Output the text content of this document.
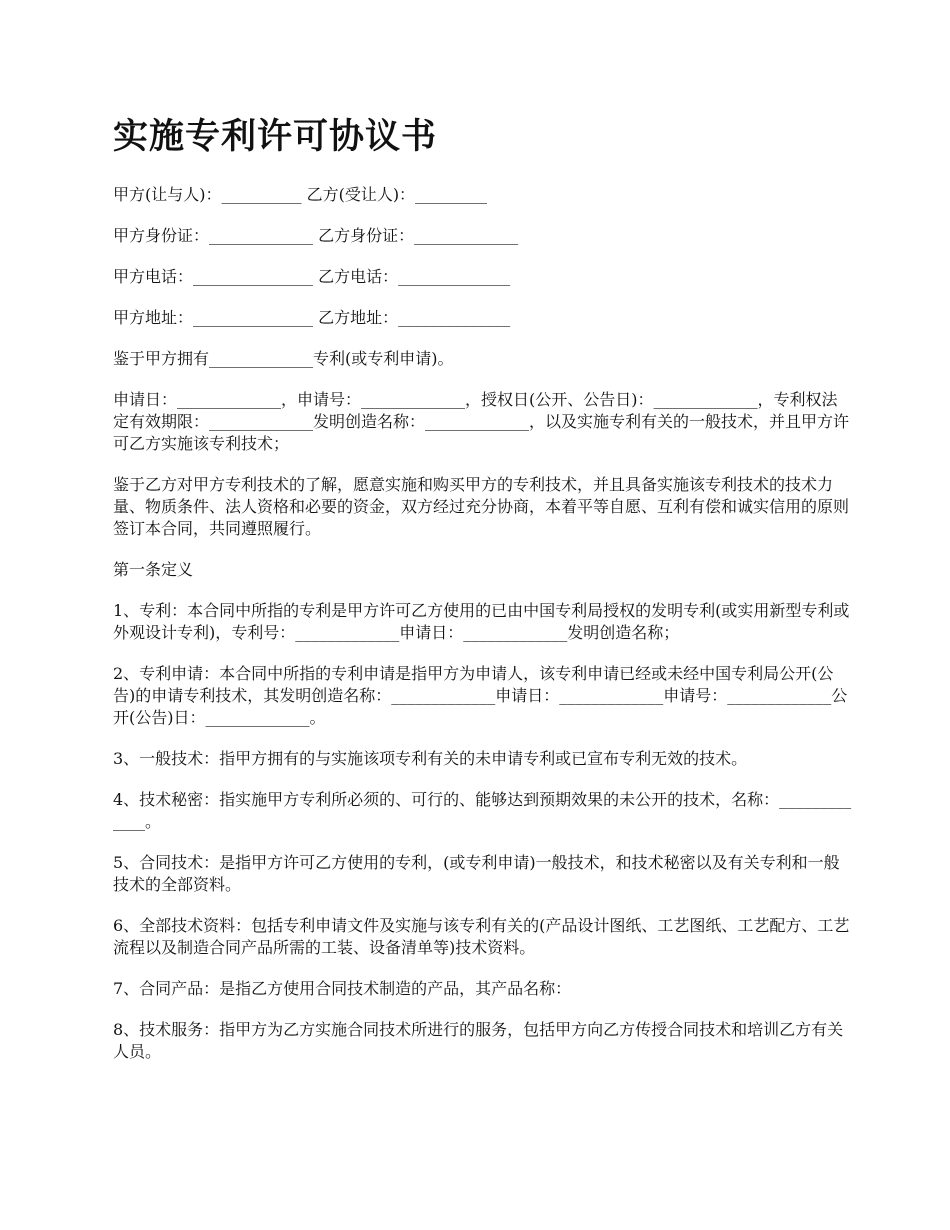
实施专利许可协议书

甲方(让与人)：__________ 乙方(受让人)：_________

甲方身份证：_____________ 乙方身份证：_____________

甲方电话：_______________ 乙方电话：______________

甲方地址：_______________ 乙方地址：______________

鉴于甲方拥有_____________专利(或专利申请)。

申请日：_____________，申请号：_____________，授权日(公开、公告日)：_____________，专利权法定有效期限：_____________发明创造名称：_____________，以及实施专利有关的一般技术，并且甲方许可乙方实施该专利技术；

鉴于乙方对甲方专利技术的了解，愿意实施和购买甲方的专利技术，并且具备实施该专利技术的技术力量、物质条件、法人资格和必要的资金，双方经过充分协商，本着平等自愿、互利有偿和诚实信用的原则签订本合同，共同遵照履行。

第一条定义

1、专利：本合同中所指的专利是甲方许可乙方使用的已由中国专利局授权的发明专利(或实用新型专利或外观设计专利)，专利号：_____________申请日：_____________发明创造名称；

2、专利申请：本合同中所指的专利申请是指甲方为申请人，该专利申请已经或未经中国专利局公开(公告)的申请专利技术，其发明创造名称：_____________申请日：_____________申请号：_____________公开(公告)日：_____________。

3、一般技术：指甲方拥有的与实施该项专利有关的未申请专利或已宣布专利无效的技术。

4、技术秘密：指实施甲方专利所必须的、可行的、能够达到预期效果的未公开的技术，名称：_____________。

5、合同技术：是指甲方许可乙方使用的专利，(或专利申请)一般技术，和技术秘密以及有关专利和一般技术的全部资料。

6、全部技术资料：包括专利申请文件及实施与该专利有关的(产品设计图纸、工艺图纸、工艺配方、工艺流程以及制造合同产品所需的工装、设备清单等)技术资料。

7、合同产品：是指乙方使用合同技术制造的产品，其产品名称：

8、技术服务：指甲方为乙方实施合同技术所进行的服务，包括甲方向乙方传授合同技术和培训乙方有关人员。
